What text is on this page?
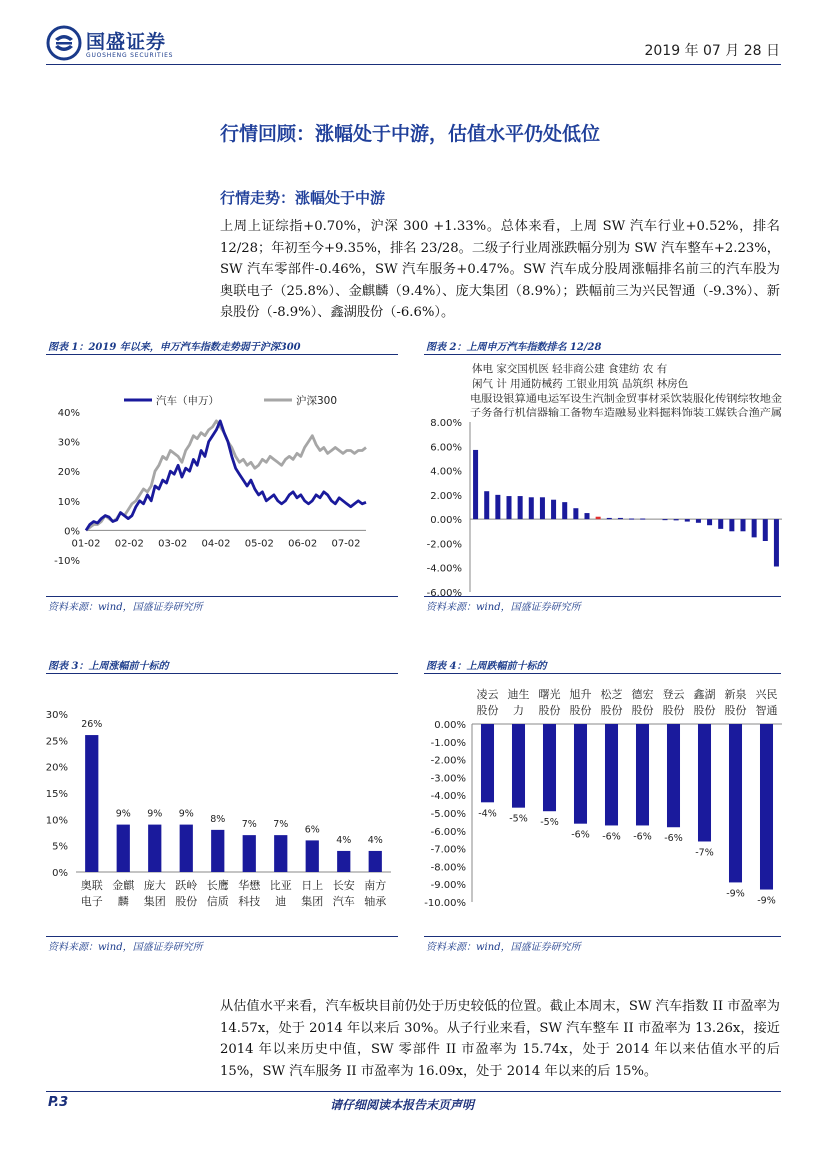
国盛证券
GUOSHENG SECURITIES	2019 年 07 月 28 日
行情回顾：涨幅处于中游，估值水平仍处低位
行情走势：涨幅处于中游
上周上证综指+0.70%，沪深 300 +1.33%。总体来看，上周 SW 汽车行业+0.52%，排名 12/28；年初至今+9.35%，排名 23/28。二级子行业周涨跌幅分别为 SW 汽车整车+2.23%，SW 汽车零部件-0.46%，SW 汽车服务+0.47%。SW 汽车成分股周涨幅排名前三的汽车股为奥联电子（25.8%）、金麒麟（9.4%）、庞大集团（8.9%）；跌幅前三为兴民智通（-9.3%）、新泉股份（-8.9%）、鑫湖股份（-6.6%）。
图表 1：2019 年以来，申万汽车指数走势弱于沪深300	图表 2：上周申万汽车指数排名 12/28
40%
30%
20%
10%
0%
-10%
01-02 02-02 03-02 04-02 05-02 06-02 07-02
汽车（申万）	沪深300
体电 家交国机医 轻非商公建 食建纺 农 有
闲气 计 用通防械药 工银业用筑 品筑织 林房色
电服设银算通电运军设生汽制金贸事材采饮装服化传钢综牧地金
子务备行机信器输工备物车造融易业料掘料饰装工媒铁合渔产属
8.00%
6.00%
4.00%
2.00%
0.00%
-2.00%
-4.00%
-6.00%
资料来源：wind，国盛证券研究所	资料来源：wind，国盛证券研究所
图表 3：上周涨幅前十标的	图表 4：上周跌幅前十标的
30%
25%
20%
15%
10%
5%
0%
26%
奥联
电子
9%
金麒
麟
9%
庞大
集团
9%
跃岭
股份
8%
长鹰
信质
7%
华懋
科技
7%
比亚
迪
6%
日上
集团
4%
长安
汽车
4%
南方
轴承
0.00%
-1.00%
-2.00%
-3.00%
-4.00%
-5.00%
-6.00%
-7.00%
-8.00%
-9.00%
-10.00%
-4%
凌云
股份
-5%
迪生
力
-5%
曙光
股份
-6%
旭升
股份
-6%
松芝
股份
-6%
德宏
股份
-6%
登云
股份
-7%
鑫湖
股份
-9%
新泉
股份
-9%
兴民
智通
资料来源：wind，国盛证券研究所	资料来源：wind，国盛证券研究所
从估值水平来看，汽车板块目前仍处于历史较低的位置。截止本周末，SW 汽车指数 II 市盈率为 14.57x，处于 2014 年以来后 30%。从子行业来看，SW 汽车整车 II 市盈率为 13.26x，接近 2014 年以来历史中值，SW 零部件 II 市盈率为 15.74x，处于 2014 年以来估值水平的后 15%，SW 汽车服务 II 市盈率为 16.09x，处于 2014 年以来的后 15%。
P.3	请仔细阅读本报告末页声明
